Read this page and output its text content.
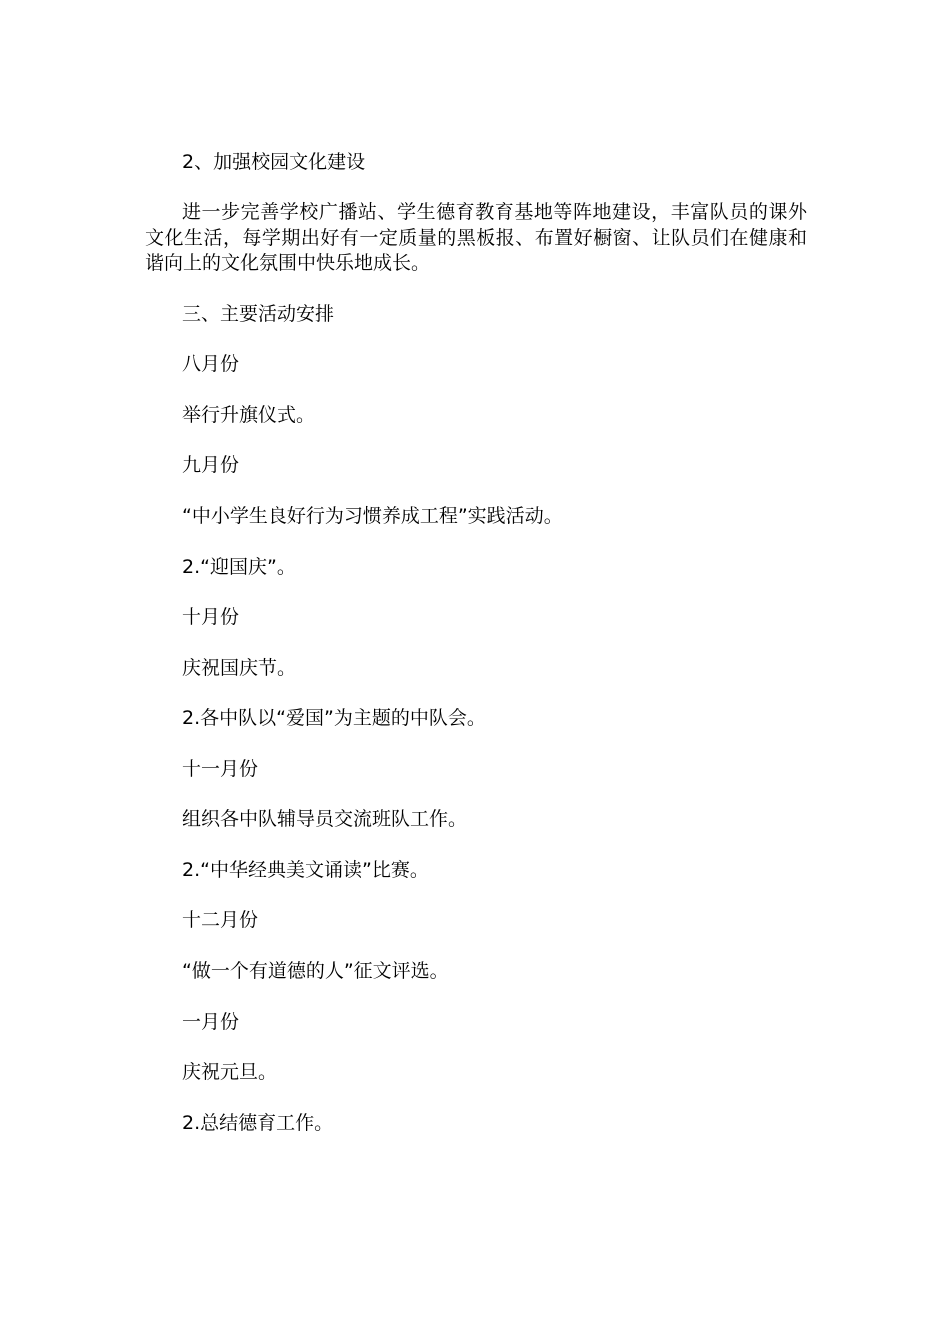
2、加强校园文化建设
进一步完善学校广播站、学生德育教育基地等阵地建设，丰富队员的课外文化生活，每学期出好有一定质量的黑板报、布置好橱窗、让队员们在健康和谐向上的文化氛围中快乐地成长。
三、主要活动安排
八月份
举行升旗仪式。
九月份
“中小学生良好行为习惯养成工程”实践活动。
2.“迎国庆”。
十月份
庆祝国庆节。
2.各中队以“爱国”为主题的中队会。
十一月份
组织各中队辅导员交流班队工作。
2.“中华经典美文诵读”比赛。
十二月份
“做一个有道德的人”征文评选。
一月份
庆祝元旦。
2.总结德育工作。
